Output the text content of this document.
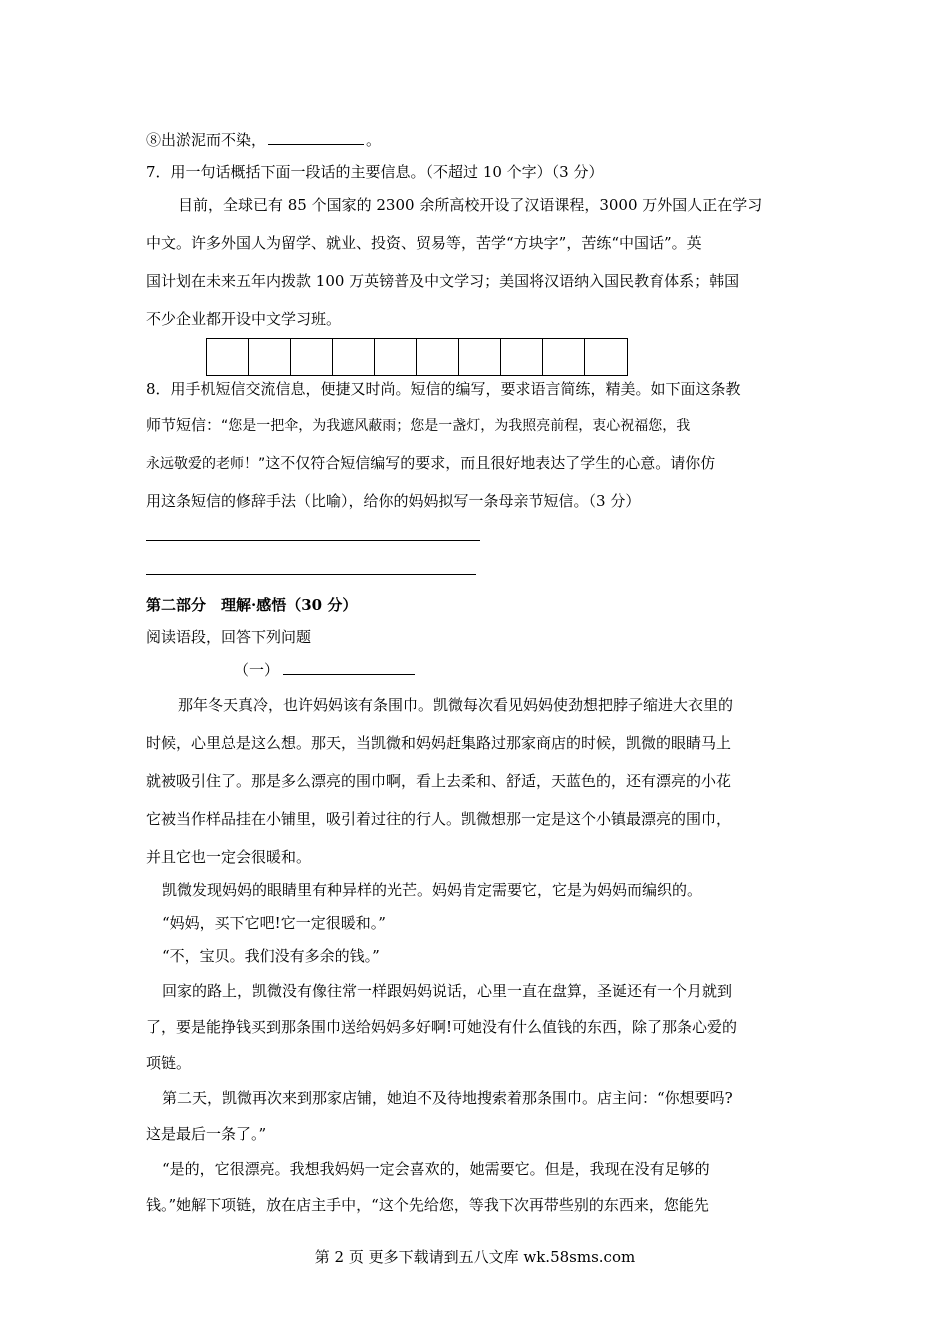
⑧出淤泥而不染，	。
7．用一句话概括下面一段话的主要信息。（不超过 10 个字）（3 分）
目前，全球已有 85 个国家的 2300 余所高校开设了汉语课程，3000 万外国人正在学习
中文。许多外国人为留学、就业、投资、贸易等，苦学“方块字”，苦练“中国话”。英
国计划在未来五年内拨款 100 万英镑普及中文学习；美国将汉语纳入国民教育体系；韩国
不少企业都开设中文学习班。
8．用手机短信交流信息，便捷又时尚。短信的编写，要求语言简练，精美。如下面这条教
师节短信：“您是一把伞，为我遮风蔽雨；您是一盏灯，为我照亮前程，衷心祝福您，我
永远敬爱的老师！”这不仅符合短信编写的要求，而且很好地表达了学生的心意。请你仿
用这条短信的修辞手法（比喻），给你的妈妈拟写一条母亲节短信。（3 分）
第二部分　理解·感悟（30 分）
阅读语段，回答下列问题
（一）
那年冬天真冷，也许妈妈该有条围巾。凯微每次看见妈妈使劲想把脖子缩进大衣里的
时候，心里总是这么想。那天，当凯微和妈妈赶集路过那家商店的时候，凯微的眼睛马上
就被吸引住了。那是多么漂亮的围巾啊，看上去柔和、舒适，天蓝色的，还有漂亮的小花
它被当作样品挂在小铺里，吸引着过往的行人。凯微想那一定是这个小镇最漂亮的围巾，
并且它也一定会很暖和。
凯微发现妈妈的眼睛里有种异样的光芒。妈妈肯定需要它，它是为妈妈而编织的。
“妈妈，买下它吧!它一定很暖和。”
“不，宝贝。我们没有多余的钱。”
回家的路上，凯微没有像往常一样跟妈妈说话，心里一直在盘算，圣诞还有一个月就到
了，要是能挣钱买到那条围巾送给妈妈多好啊!可她没有什么值钱的东西，除了那条心爱的
项链。
第二天，凯微再次来到那家店铺，她迫不及待地搜索着那条围巾。店主问：“你想要吗?
这是最后一条了。”
“是的，它很漂亮。我想我妈妈一定会喜欢的，她需要它。但是，我现在没有足够的
钱。”她解下项链，放在店主手中，“这个先给您，等我下次再带些别的东西来，您能先
第 2 页 更多下载请到五八文库 wk.58sms.com
